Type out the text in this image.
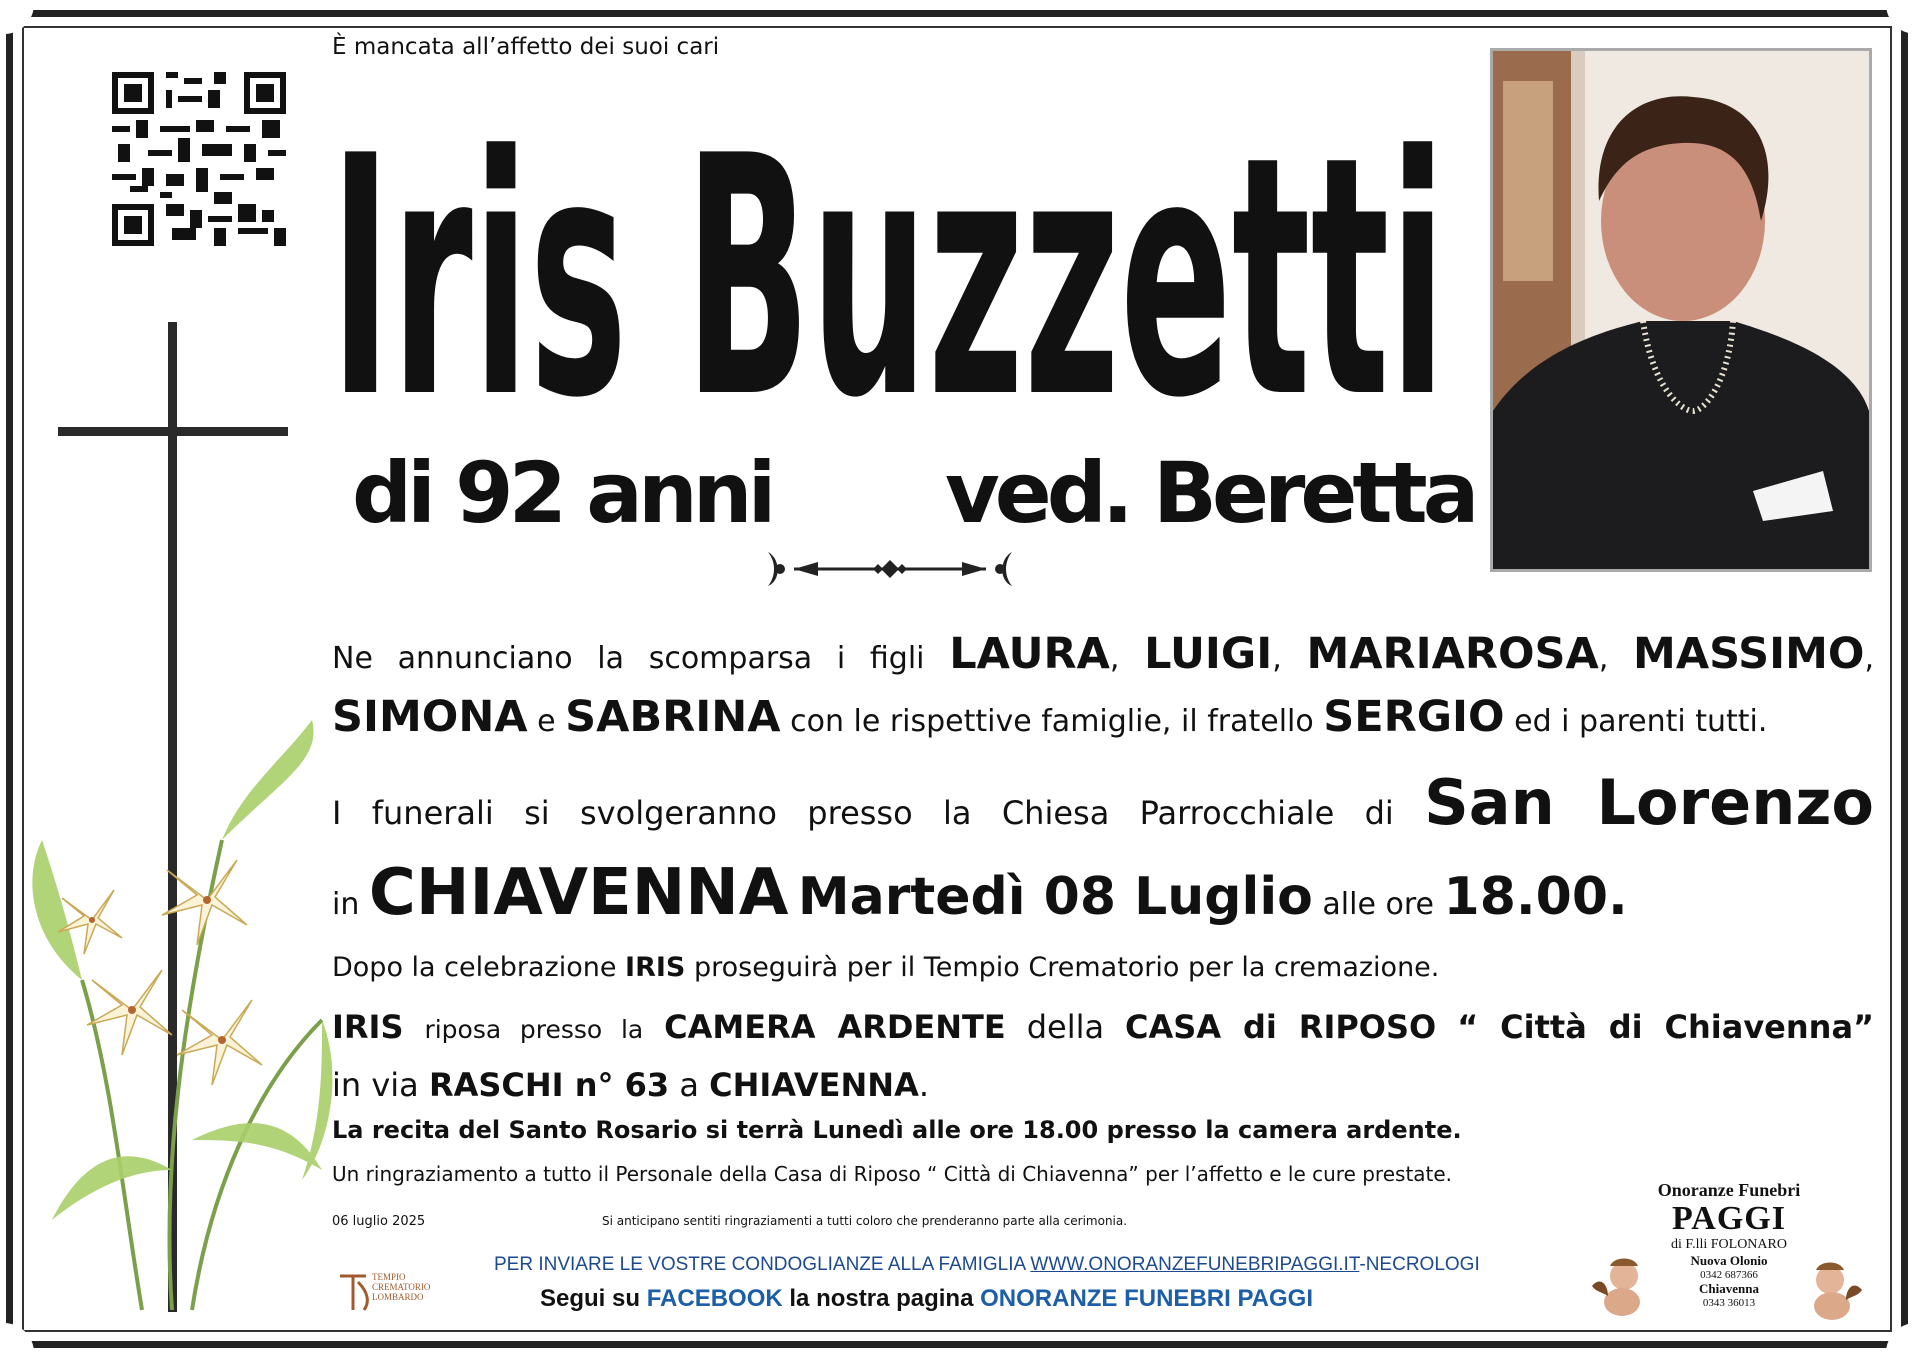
È mancata all’affetto dei suoi cari
Iris Buzzetti
di 92 anni ved. Beretta
Ne annunciano la scomparsa i figli LAURA, LUIGI, MARIAROSA, MASSIMO,
SIMONA e SABRINA con le rispettive famiglie, il fratello SERGIO ed i parenti tutti.
I funerali si svolgeranno presso la Chiesa Parrocchiale di San Lorenzo
in CHIAVENNA Martedì 08 Luglio alle ore 18.00.
Dopo la celebrazione IRIS proseguirà per il Tempio Crematorio per la cremazione.
IRIS riposa presso la CAMERA ARDENTE della CASA di RIPOSO “ Città di Chiavenna”
in via RASCHI n° 63 a CHIAVENNA.
La recita del Santo Rosario si terrà Lunedì alle ore 18.00 presso la camera ardente.
Un ringraziamento a tutto il Personale della Casa di Riposo “ Città di Chiavenna” per l’affetto e le cure prestate.
06 luglio 2025	Si anticipano sentiti ringraziamenti a tutti coloro che prenderanno parte alla cerimonia.
TEMPIO
CREMATORIO
LOMBARDO
PER INVIARE LE VOSTRE CONDOGLIANZE ALLA FAMIGLIA WWW.ONORANZEFUNEBRIPAGGI.IT-NECROLOGI
Segui su FACEBOOK la nostra pagina ONORANZE FUNEBRI PAGGI
Onoranze Funebri
PAGGI
di F.lli FOLONARO
Nuova Olonio
0342 687366
Chiavenna
0343 36013
